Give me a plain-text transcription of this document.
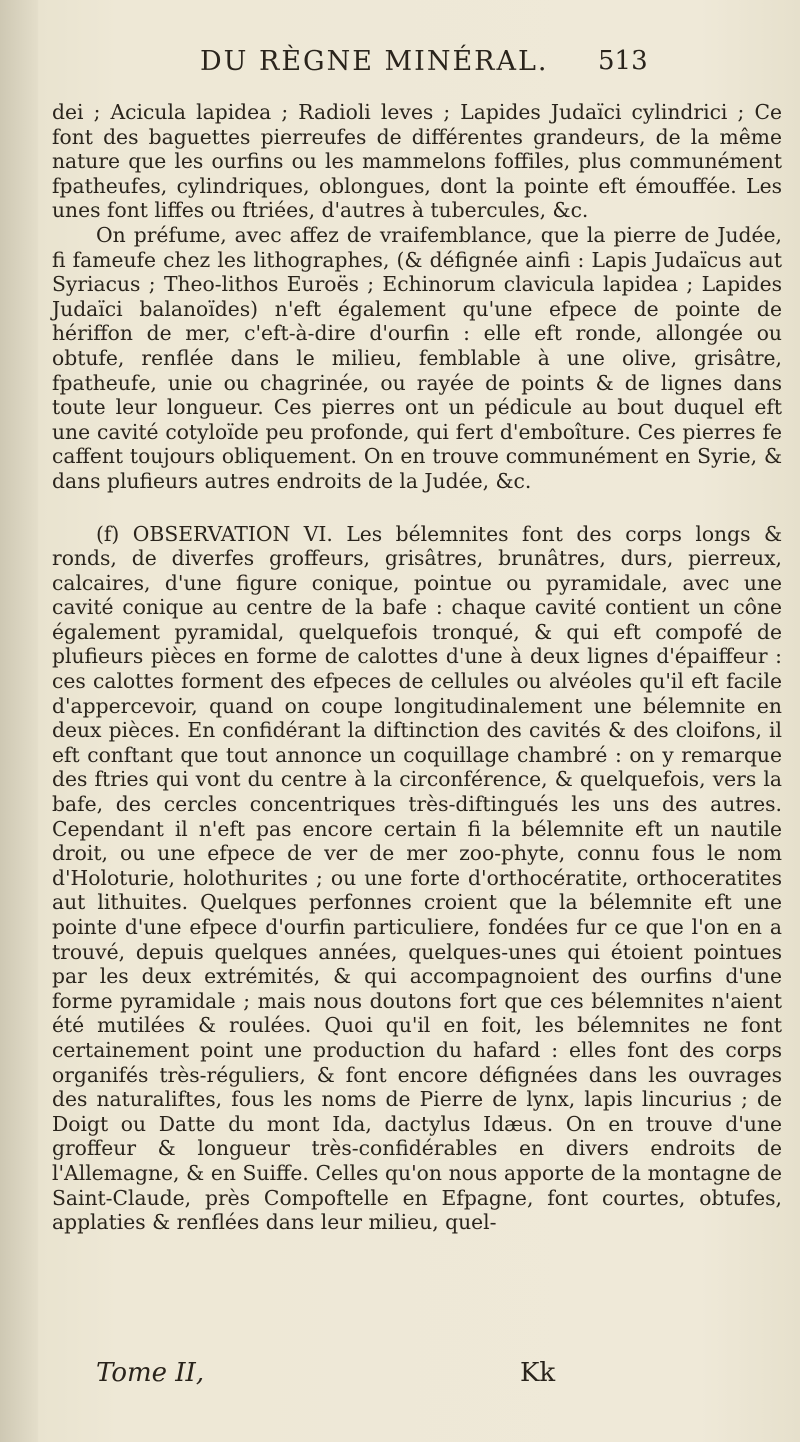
DU RÈGNE MINÉRAL. 513

dei ; Acicula lapidea ; Radioli leves ; Lapides Judaïci cylindrici ; Ce font des baguettes pierreufes de différentes grandeurs, de la même nature que les ourfins ou les mammelons foffiles, plus communément fpatheufes, cylindriques, oblongues, dont la pointe eft émouffée. Les unes font liffes ou ftriées, d'autres à tubercules, &c.

On préfume, avec affez de vraifemblance, que la pierre de Judée, fi fameufe chez les lithographes, (& défignée ainfi : Lapis Judaïcus aut Syriacus ; Theo-lithos Euroës ; Echinorum clavicula lapidea ; Lapides Judaïci balanoïdes) n'eft également qu'une efpece de pointe de hériffon de mer, c'eft-à-dire d'ourfin : elle eft ronde, allongée ou obtufe, renflée dans le milieu, femblable à une olive, grisâtre, fpatheufe, unie ou chagrinée, ou rayée de points & de lignes dans toute leur longueur. Ces pierres ont un pédicule au bout duquel eft une cavité cotyloïde peu profonde, qui fert d'emboîture. Ces pierres fe caffent toujours obliquement. On en trouve communément en Syrie, & dans plufieurs autres endroits de la Judée, &c.

(f) OBSERVATION VI. Les bélemnites font des corps longs & ronds, de diverfes groffeurs, grisâtres, brunâtres, durs, pierreux, calcaires, d'une figure conique, pointue ou pyramidale, avec une cavité conique au centre de la bafe : chaque cavité contient un cône également pyramidal, quelquefois tronqué, & qui eft compofé de plufieurs pièces en forme de calottes d'une à deux lignes d'épaiffeur : ces calottes forment des efpeces de cellules ou alvéoles qu'il eft facile d'appercevoir, quand on coupe longitudinalement une bélemnite en deux pièces. En confidérant la diftinction des cavités & des cloifons, il eft conftant que tout annonce un coquillage chambré : on y remarque des ftries qui vont du centre à la circonférence, & quelquefois, vers la bafe, des cercles concentriques très-diftingués les uns des autres. Cependant il n'eft pas encore certain fi la bélemnite eft un nautile droit, ou une efpece de ver de mer zoo-phyte, connu fous le nom d'Holoturie, holothurites ; ou une forte d'orthocératite, orthoceratites aut lithuites. Quelques perfonnes croient que la bélemnite eft une pointe d'une efpece d'ourfin particuliere, fondées fur ce que l'on en a trouvé, depuis quelques années, quelques-unes qui étoient pointues par les deux extrémités, & qui accompagnoient des ourfins d'une forme pyramidale ; mais nous doutons fort que ces bélemnites n'aient été mutilées & roulées. Quoi qu'il en foit, les bélemnites ne font certainement point une production du hafard : elles font des corps organifés très-réguliers, & font encore défignées dans les ouvrages des naturaliftes, fous les noms de Pierre de lynx, lapis lincurius ; de Doigt ou Datte du mont Ida, dactylus Idæus. On en trouve d'une groffeur & longueur très-confidérables en divers endroits de l'Allemagne, & en Suiffe. Celles qu'on nous apporte de la montagne de Saint-Claude, près Compoftelle en Efpagne, font courtes, obtufes, applaties & renflées dans leur milieu, quel-

Tome II,	Kk
